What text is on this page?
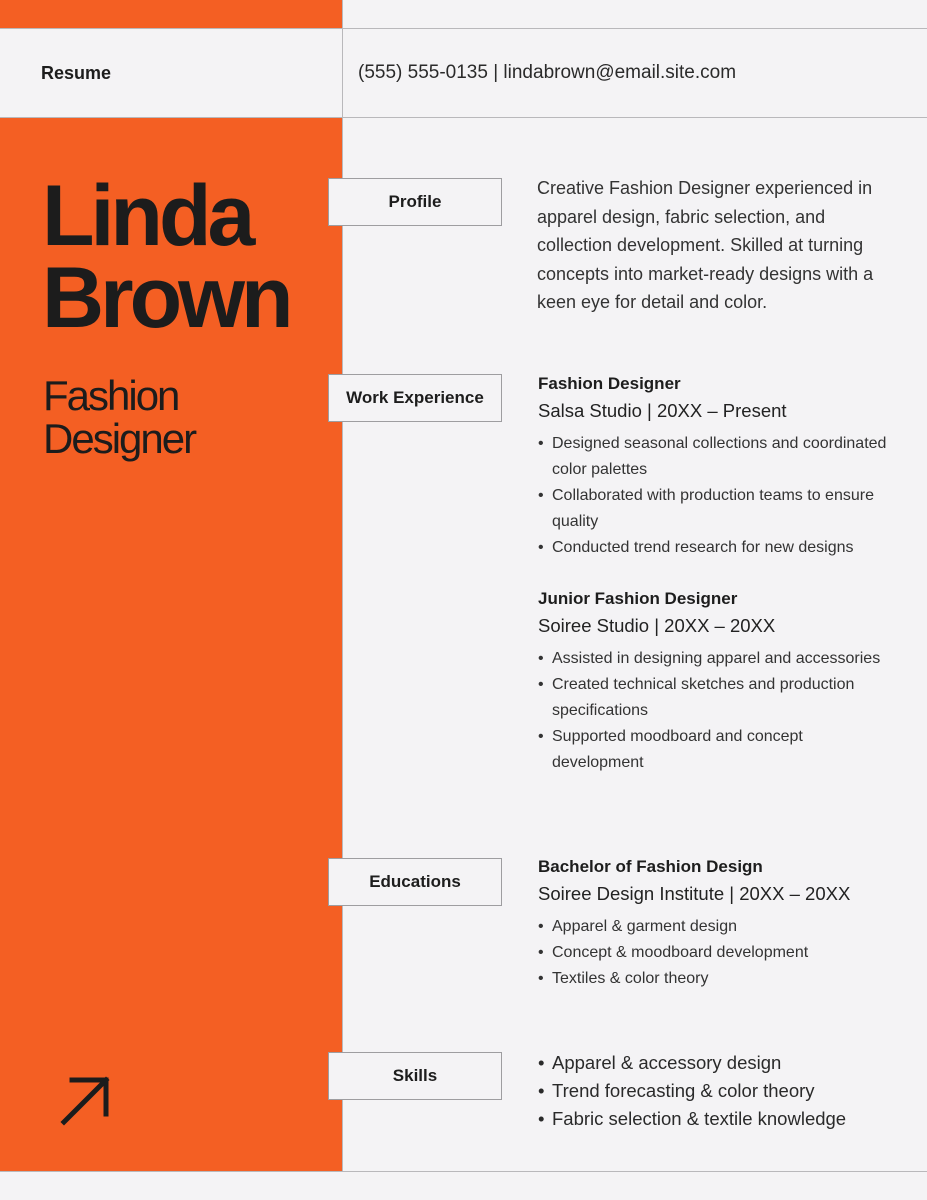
Resume	(555) 555-0135 | lindabrown@email.site.com
Linda
Brown
Fashion
Designer
Profile
Creative Fashion Designer experienced in apparel design, fabric selection, and collection development. Skilled at turning concepts into market-ready designs with a keen eye for detail and color.
Work Experience
Fashion Designer
Salsa Studio | 20XX – Present
• Designed seasonal collections and coordinated color palettes
• Collaborated with production teams to ensure quality
• Conducted trend research for new designs
Junior Fashion Designer
Soiree Studio | 20XX – 20XX
• Assisted in designing apparel and accessories
• Created technical sketches and production specifications
• Supported moodboard and concept development
Educations
Bachelor of Fashion Design
Soiree Design Institute | 20XX – 20XX
• Apparel & garment design
• Concept & moodboard development
• Textiles & color theory
Skills
• Apparel & accessory design
• Trend forecasting & color theory
• Fabric selection & textile knowledge
